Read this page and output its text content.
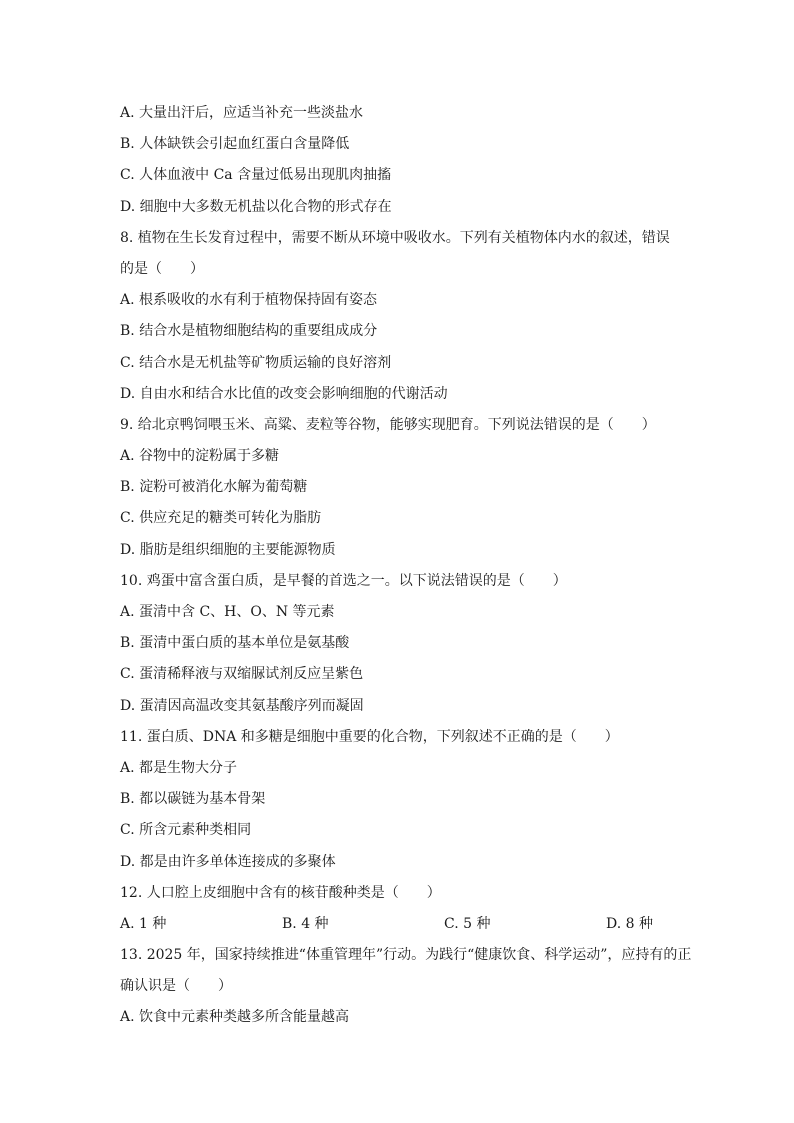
A. 大量出汗后，应适当补充一些淡盐水
B. 人体缺铁会引起血红蛋白含量降低
C. 人体血液中 Ca 含量过低易出现肌肉抽搐
D. 细胞中大多数无机盐以化合物的形式存在
8. 植物在生长发育过程中，需要不断从环境中吸收水。下列有关植物体内水的叙述，错误
的是（　　）
A. 根系吸收的水有利于植物保持固有姿态
B. 结合水是植物细胞结构的重要组成成分
C. 结合水是无机盐等矿物质运输的良好溶剂
D. 自由水和结合水比值的改变会影响细胞的代谢活动
9. 给北京鸭饲喂玉米、高粱、麦粒等谷物，能够实现肥育。下列说法错误的是（　　）
A. 谷物中的淀粉属于多糖
B. 淀粉可被消化水解为葡萄糖
C. 供应充足的糖类可转化为脂肪
D. 脂肪是组织细胞的主要能源物质
10. 鸡蛋中富含蛋白质，是早餐的首选之一。以下说法错误的是（　　）
A. 蛋清中含 C、H、O、N 等元素
B. 蛋清中蛋白质的基本单位是氨基酸
C. 蛋清稀释液与双缩脲试剂反应呈紫色
D. 蛋清因高温改变其氨基酸序列而凝固
11. 蛋白质、DNA 和多糖是细胞中重要的化合物，下列叙述不正确的是（　　）
A. 都是生物大分子
B. 都以碳链为基本骨架
C. 所含元素种类相同
D. 都是由许多单体连接成的多聚体
12. 人口腔上皮细胞中含有的核苷酸种类是（　　）
A. 1 种	B. 4 种	C. 5 种	D. 8 种
13. 2025 年，国家持续推进“体重管理年”行动。为践行“健康饮食、科学运动”，应持有的正
确认识是（　　）
A. 饮食中元素种类越多所含能量越高
